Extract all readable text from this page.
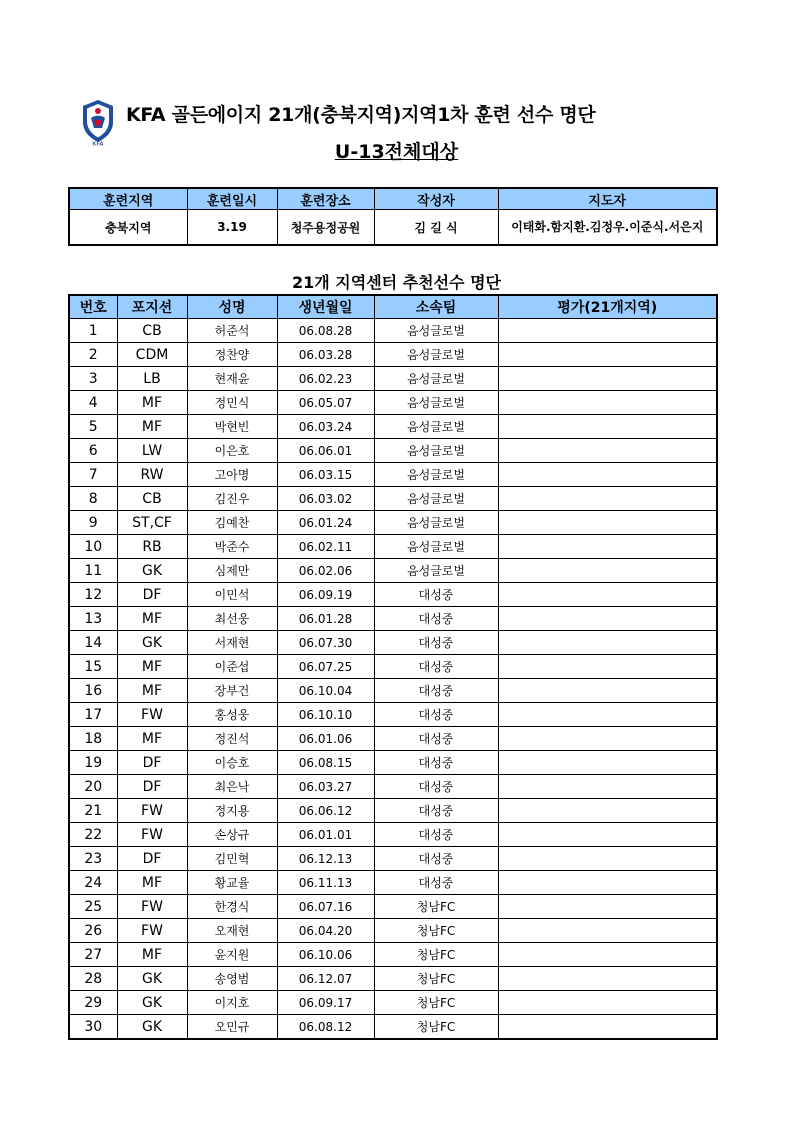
KFA
KFA 골든에이지 21개(충북지역)지역1차 훈련 선수 명단
U-13전체대상
훈련지역	훈련일시	훈련장소	작성자	지도자
충북지역	3.19	청주용정공원	김 길 식	이태화.함지환.김정우.이준식.서은지
21개 지역센터 추천선수 명단
번호	포지션	성명	생년월일	소속팀	평가(21개지역)
1	CB	허준석	06.08.28	음성글로벌	
2	CDM	정찬양	06.03.28	음성글로벌	
3	LB	현재윤	06.02.23	음성글로벌	
4	MF	정민식	06.05.07	음성글로벌	
5	MF	박현빈	06.03.24	음성글로벌	
6	LW	이은호	06.06.01	음성글로벌	
7	RW	고아명	06.03.15	음성글로벌	
8	CB	김진우	06.03.02	음성글로벌	
9	ST,CF	김예찬	06.01.24	음성글로벌	
10	RB	박준수	06.02.11	음성글로벌	
11	GK	심제만	06.02.06	음성글로벌	
12	DF	이민석	06.09.19	대성중	
13	MF	최선웅	06.01.28	대성중	
14	GK	서재현	06.07.30	대성중	
15	MF	이준섭	06.07.25	대성중	
16	MF	장부건	06.10.04	대성중	
17	FW	홍성웅	06.10.10	대성중	
18	MF	정진석	06.01.06	대성중	
19	DF	이승호	06.08.15	대성중	
20	DF	최은낙	06.03.27	대성중	
21	FW	정지용	06.06.12	대성중	
22	FW	손상규	06.01.01	대성중	
23	DF	김민혁	06.12.13	대성중	
24	MF	황교율	06.11.13	대성중	
25	FW	한경식	06.07.16	청남FC	
26	FW	오재현	06.04.20	청남FC	
27	MF	윤지원	06.10.06	청남FC	
28	GK	송영범	06.12.07	청남FC	
29	GK	이지호	06.09.17	청남FC	
30	GK	오민규	06.08.12	청남FC	
